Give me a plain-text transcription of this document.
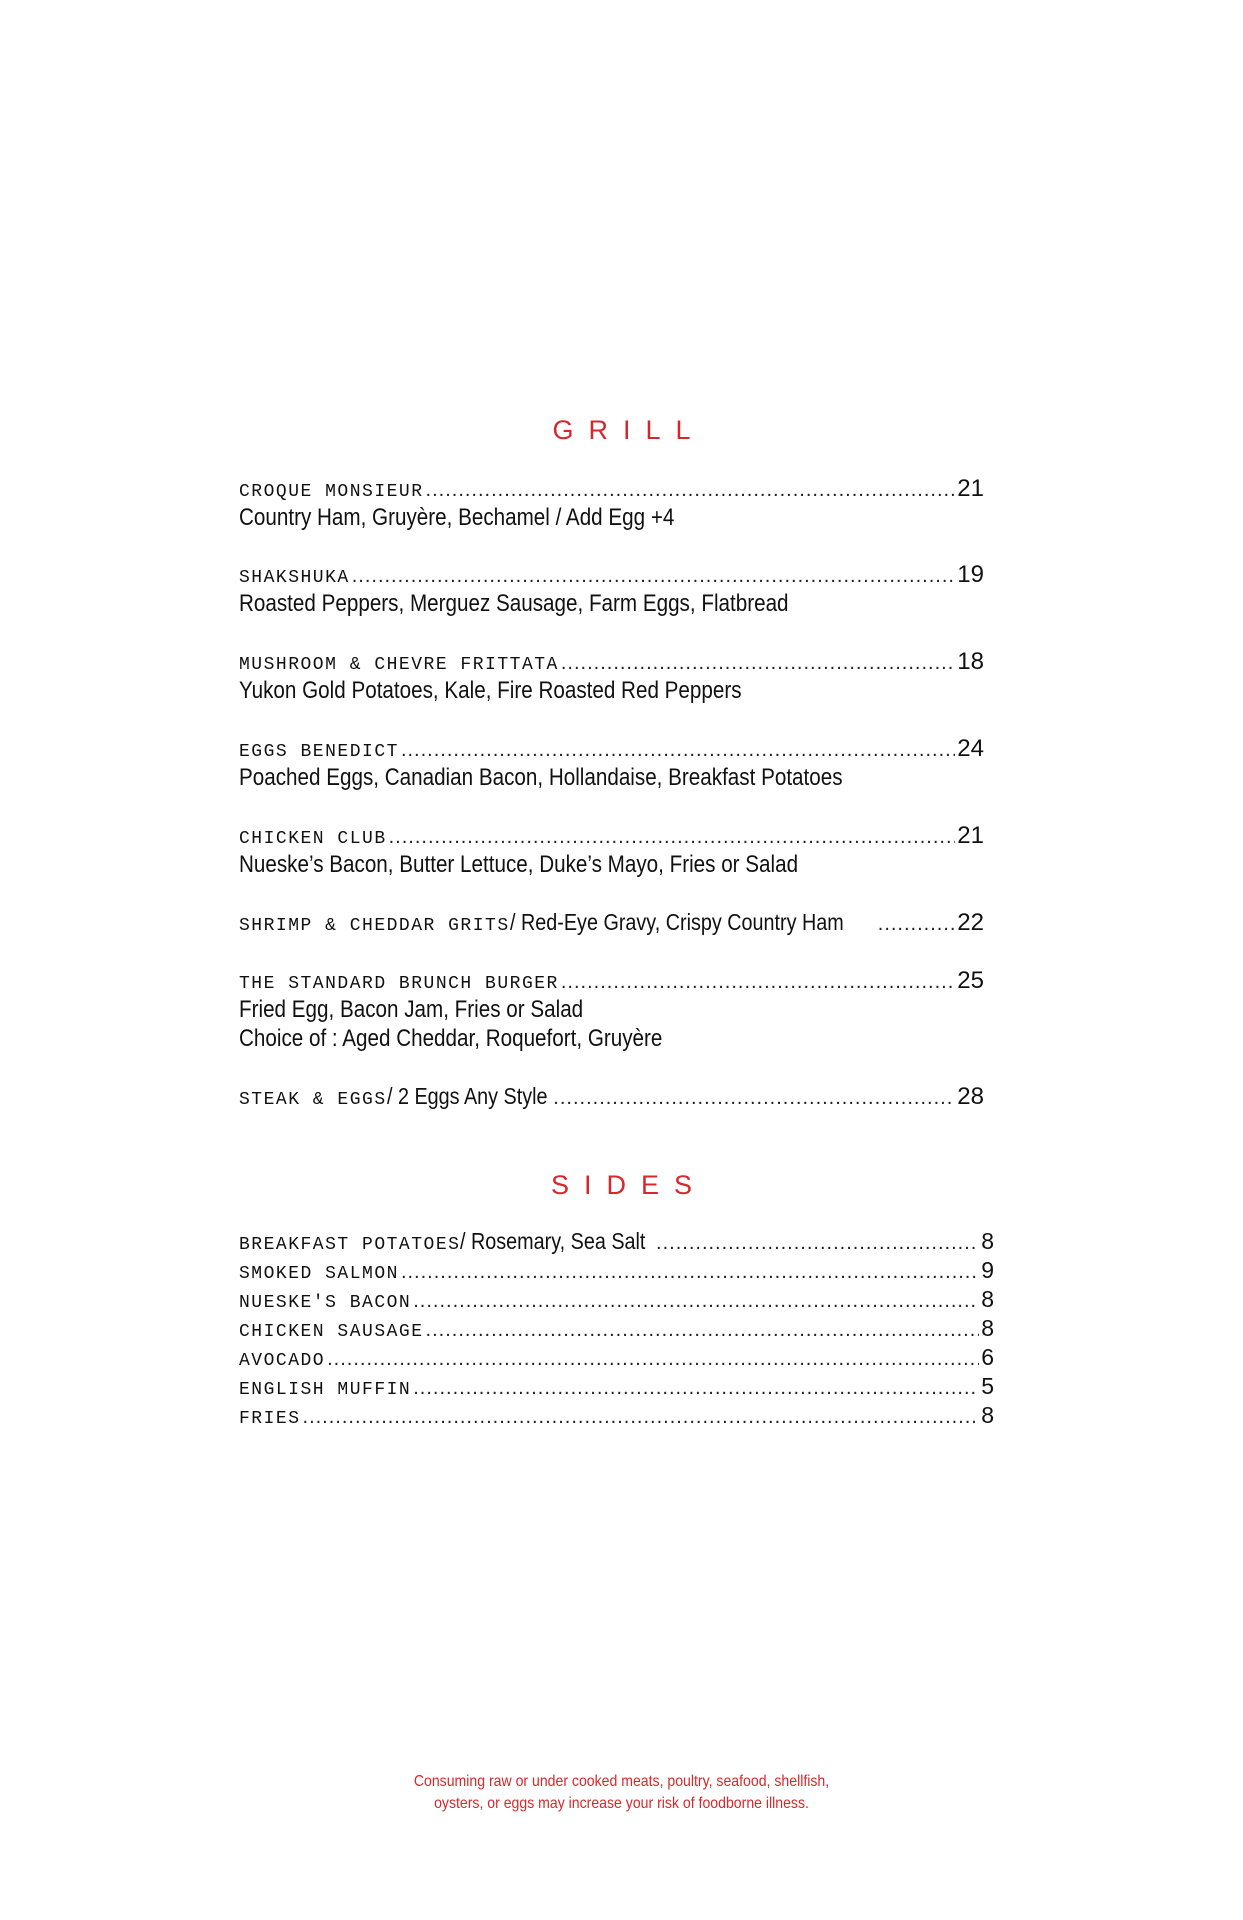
GRILL
CROQUE MONSIEUR .....	21
Country Ham, Gruyère, Bechamel / Add Egg +4
SHAKSHUKA .....	19
Roasted Peppers, Merguez Sausage, Farm Eggs, Flatbread
MUSHROOM & CHEVRE FRITTATA .....	18
Yukon Gold Potatoes, Kale, Fire Roasted Red Peppers
EGGS BENEDICT .....	24
Poached Eggs, Canadian Bacon, Hollandaise, Breakfast Potatoes
CHICKEN CLUB .....	21
Nueske’s Bacon, Butter Lettuce, Duke’s Mayo, Fries or Salad
SHRIMP & CHEDDAR GRITS / Red-Eye Gravy, Crispy Country Ham .....	22
THE STANDARD BRUNCH BURGER .....	25
Fried Egg, Bacon Jam, Fries or Salad
Choice of : Aged Cheddar, Roquefort, Gruyère
STEAK & EGGS / 2 Eggs Any Style .....	28
SIDES
BREAKFAST POTATOES / Rosemary, Sea Salt .....	8
SMOKED SALMON .....	9
NUESKE'S BACON .....	8
CHICKEN SAUSAGE .....	8
AVOCADO .....	6
ENGLISH MUFFIN .....	5
FRIES .....	8
Consuming raw or under cooked meats, poultry, seafood, shellfish,
oysters, or eggs may increase your risk of foodborne illness.
